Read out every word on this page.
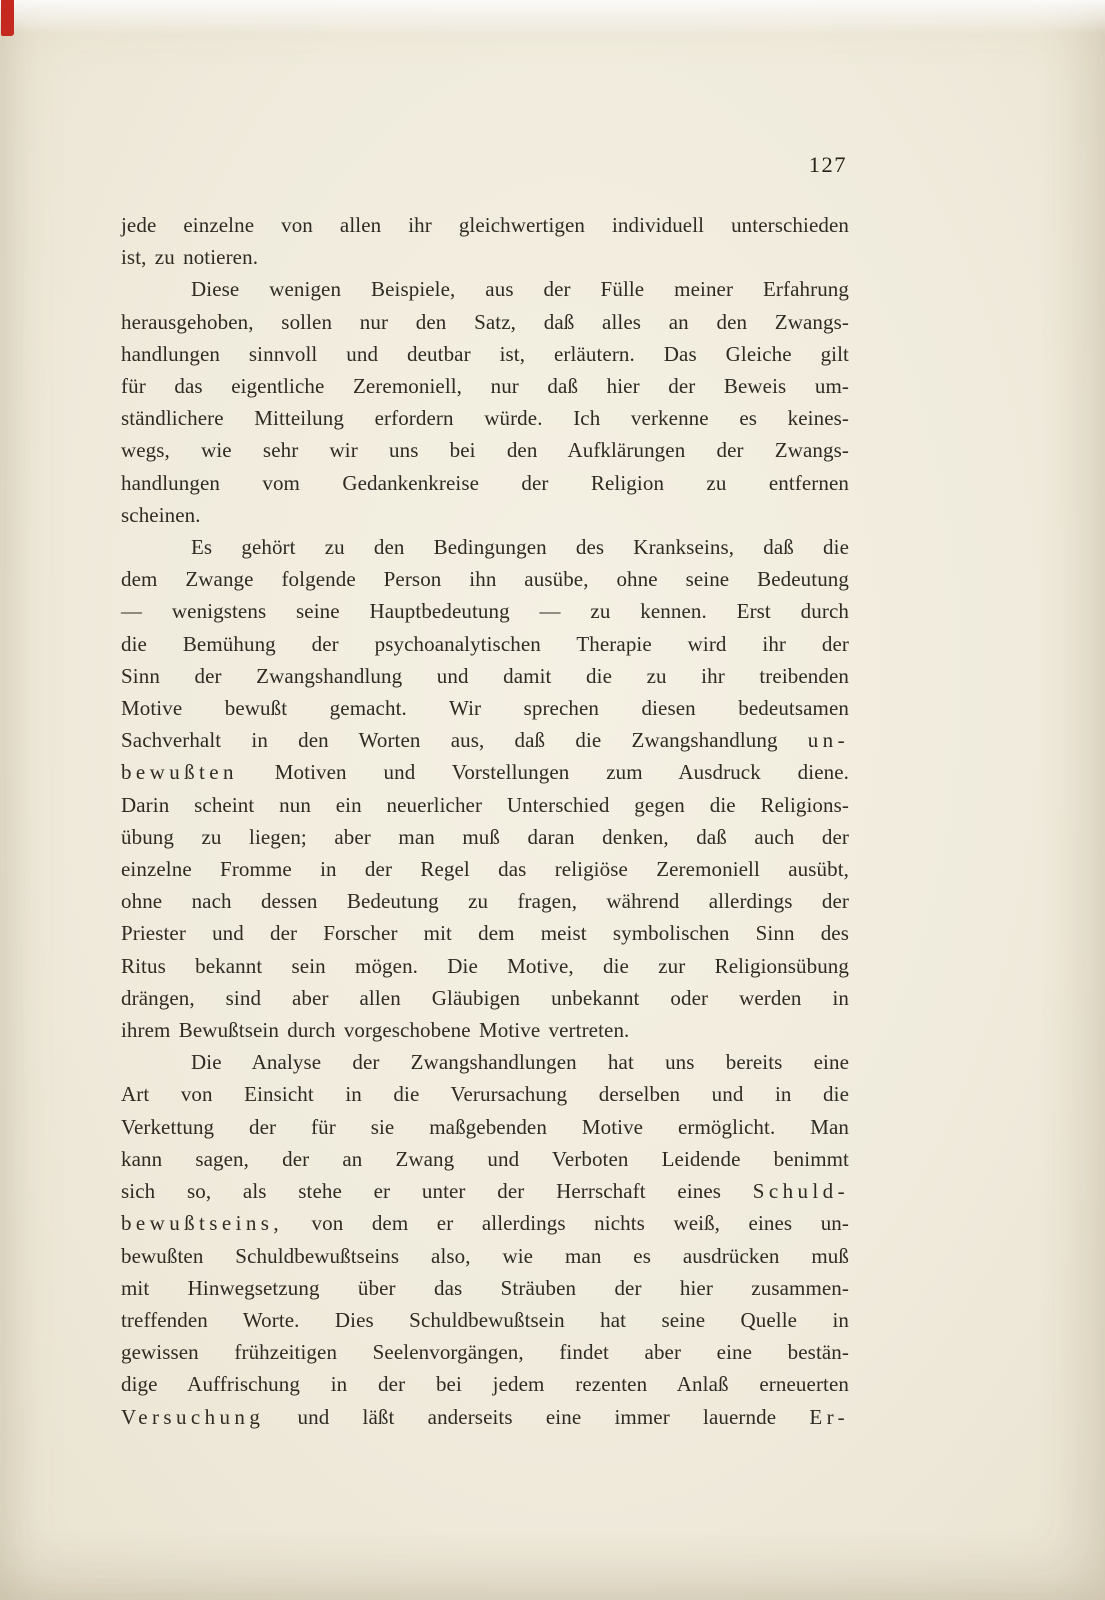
127
jede einzelne von allen ihr gleichwertigen individuell unterschieden
ist, zu notieren.
Diese wenigen Beispiele, aus der Fülle meiner Erfahrung
herausgehoben, sollen nur den Satz, daß alles an den Zwangs-
handlungen sinnvoll und deutbar ist, erläutern. Das Gleiche gilt
für das eigentliche Zeremoniell, nur daß hier der Beweis um-
ständlichere Mitteilung erfordern würde. Ich verkenne es keines-
wegs, wie sehr wir uns bei den Aufklärungen der Zwangs-
handlungen vom Gedankenkreise der Religion zu entfernen
scheinen.
Es gehört zu den Bedingungen des Krankseins, daß die
dem Zwange folgende Person ihn ausübe, ohne seine Bedeutung
— wenigstens seine Hauptbedeutung — zu kennen. Erst durch
die Bemühung der psychoanalytischen Therapie wird ihr der
Sinn der Zwangshandlung und damit die zu ihr treibenden
Motive bewußt gemacht. Wir sprechen diesen bedeutsamen
Sachverhalt in den Worten aus, daß die Zwangshandlung un-
bewußten Motiven und Vorstellungen zum Ausdruck diene.
Darin scheint nun ein neuerlicher Unterschied gegen die Religions-
übung zu liegen; aber man muß daran denken, daß auch der
einzelne Fromme in der Regel das religiöse Zeremoniell ausübt,
ohne nach dessen Bedeutung zu fragen, während allerdings der
Priester und der Forscher mit dem meist symbolischen Sinn des
Ritus bekannt sein mögen. Die Motive, die zur Religionsübung
drängen, sind aber allen Gläubigen unbekannt oder werden in
ihrem Bewußtsein durch vorgeschobene Motive vertreten.
Die Analyse der Zwangshandlungen hat uns bereits eine
Art von Einsicht in die Verursachung derselben und in die
Verkettung der für sie maßgebenden Motive ermöglicht. Man
kann sagen, der an Zwang und Verboten Leidende benimmt
sich so, als stehe er unter der Herrschaft eines Schuld-
bewußtseins, von dem er allerdings nichts weiß, eines un-
bewußten Schuldbewußtseins also, wie man es ausdrücken muß
mit Hinwegsetzung über das Sträuben der hier zusammen-
treffenden Worte. Dies Schuldbewußtsein hat seine Quelle in
gewissen frühzeitigen Seelenvorgängen, findet aber eine bestän-
dige Auffrischung in der bei jedem rezenten Anlaß erneuerten
Versuchung und läßt anderseits eine immer lauernde Er-
